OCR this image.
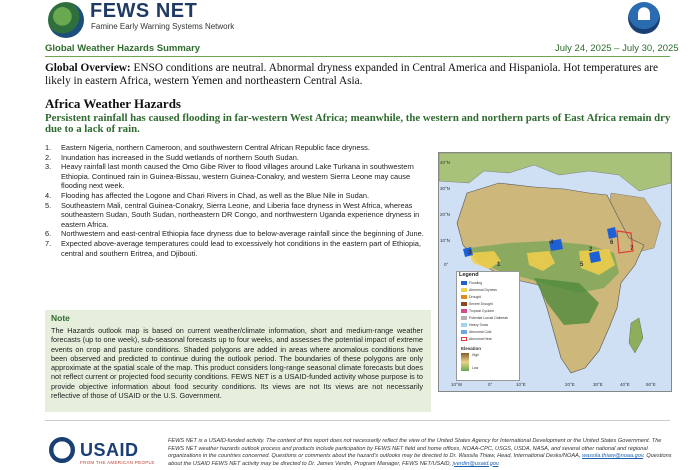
FEWS NET
Famine Early Warning Systems Network
Global Weather Hazards Summary	July 24, 2025 – July 30, 2025
Global Overview: ENSO conditions are neutral. Abnormal dryness expanded in Central America and Hispaniola. Hot temperatures are likely in eastern Africa, western Yemen and northeastern Central Asia.
Africa Weather Hazards
Persistent rainfall has caused flooding in far-western West Africa; meanwhile, the western and northern parts of East Africa remain dry due to a lack of rain.
1. Eastern Nigeria, northern Cameroon, and southwestern Central African Republic face dryness.
2. Inundation has increased in the Sudd wetlands of northern South Sudan.
3. Heavy rainfall last month caused the Omo Gibe River to flood villages around Lake Turkana in southwestern Ethiopia. Continued rain in Guinea-Bissau, western Guinea-Conakry, and western Sierra Leone may cause flooding next week.
4. Flooding has affected the Logone and Chari Rivers in Chad, as well as the Blue Nile in Sudan.
5. Southeastern Mali, central Guinea-Conakry, Sierra Leone, and Liberia face dryness in West Africa, whereas southeastern Sudan, South Sudan, northeastern DR Congo, and northwestern Uganda experience dryness in eastern Africa.
6. Northwestern and east-central Ethiopia face dryness due to below-average rainfall since the beginning of June.
7. Expected above-average temperatures could lead to excessively hot conditions in the eastern part of Ethiopia, central and southern Eritrea, and Djibouti.
Note
The Hazards outlook map is based on current weather/climate information, short and medium-range weather forecasts (up to one week), sub-seasonal forecasts up to four weeks, and assesses the potential impact of extreme events on crop and pasture conditions. Shaded polygons are added in areas where anomalous conditions have been observed and predicted to continue during the outlook period. The boundaries of these polygons are only approximate at the spatial scale of the map. This product considers long-range seasonal climate forecasts but does not reflect current or projected food security conditions. FEWS NET is a USAID-funded activity whose purpose is to provide objective information about food security conditions. Its views are not Its views are not necessarily reflective of those of USAID or the U.S. Government.
1
2
3
4
5
6
7
40°N
30°N
20°N
10°N
0°
10°W	0°	10°E	20°E	30°E	40°E	50°E
Legend
Flooding
Abnormal Dryness
Drought
Severe Drought
Tropical Cyclone
Potential Locust Outbreak
Heavy Snow
Abnormal Cold
Abnormal Heat
Elevation
High
Low
USAID
FROM THE AMERICAN PEOPLE
FEWS NET is a USAID-funded activity. The content of this report does not necessarily reflect the view of the United States Agency for International Development or the United States Government. The FEWS NET weather hazards outlook process and products include participation by FEWS NET field and home offices, NOAA-CPC, USGS, USDA, NASA, and several other national and regional organizations in the countries concerned. Questions or comments about the hazard's outlooks may be directed to Dr. Wassila Thiaw, Head, International Desks/NOAA, wassila.thiaw@noaa.gov. Questions about the USAID FEWS NET activity may be directed to Dr. James Verdin, Program Manager, FEWS NET/USAID, jverdin@usaid.gov.
